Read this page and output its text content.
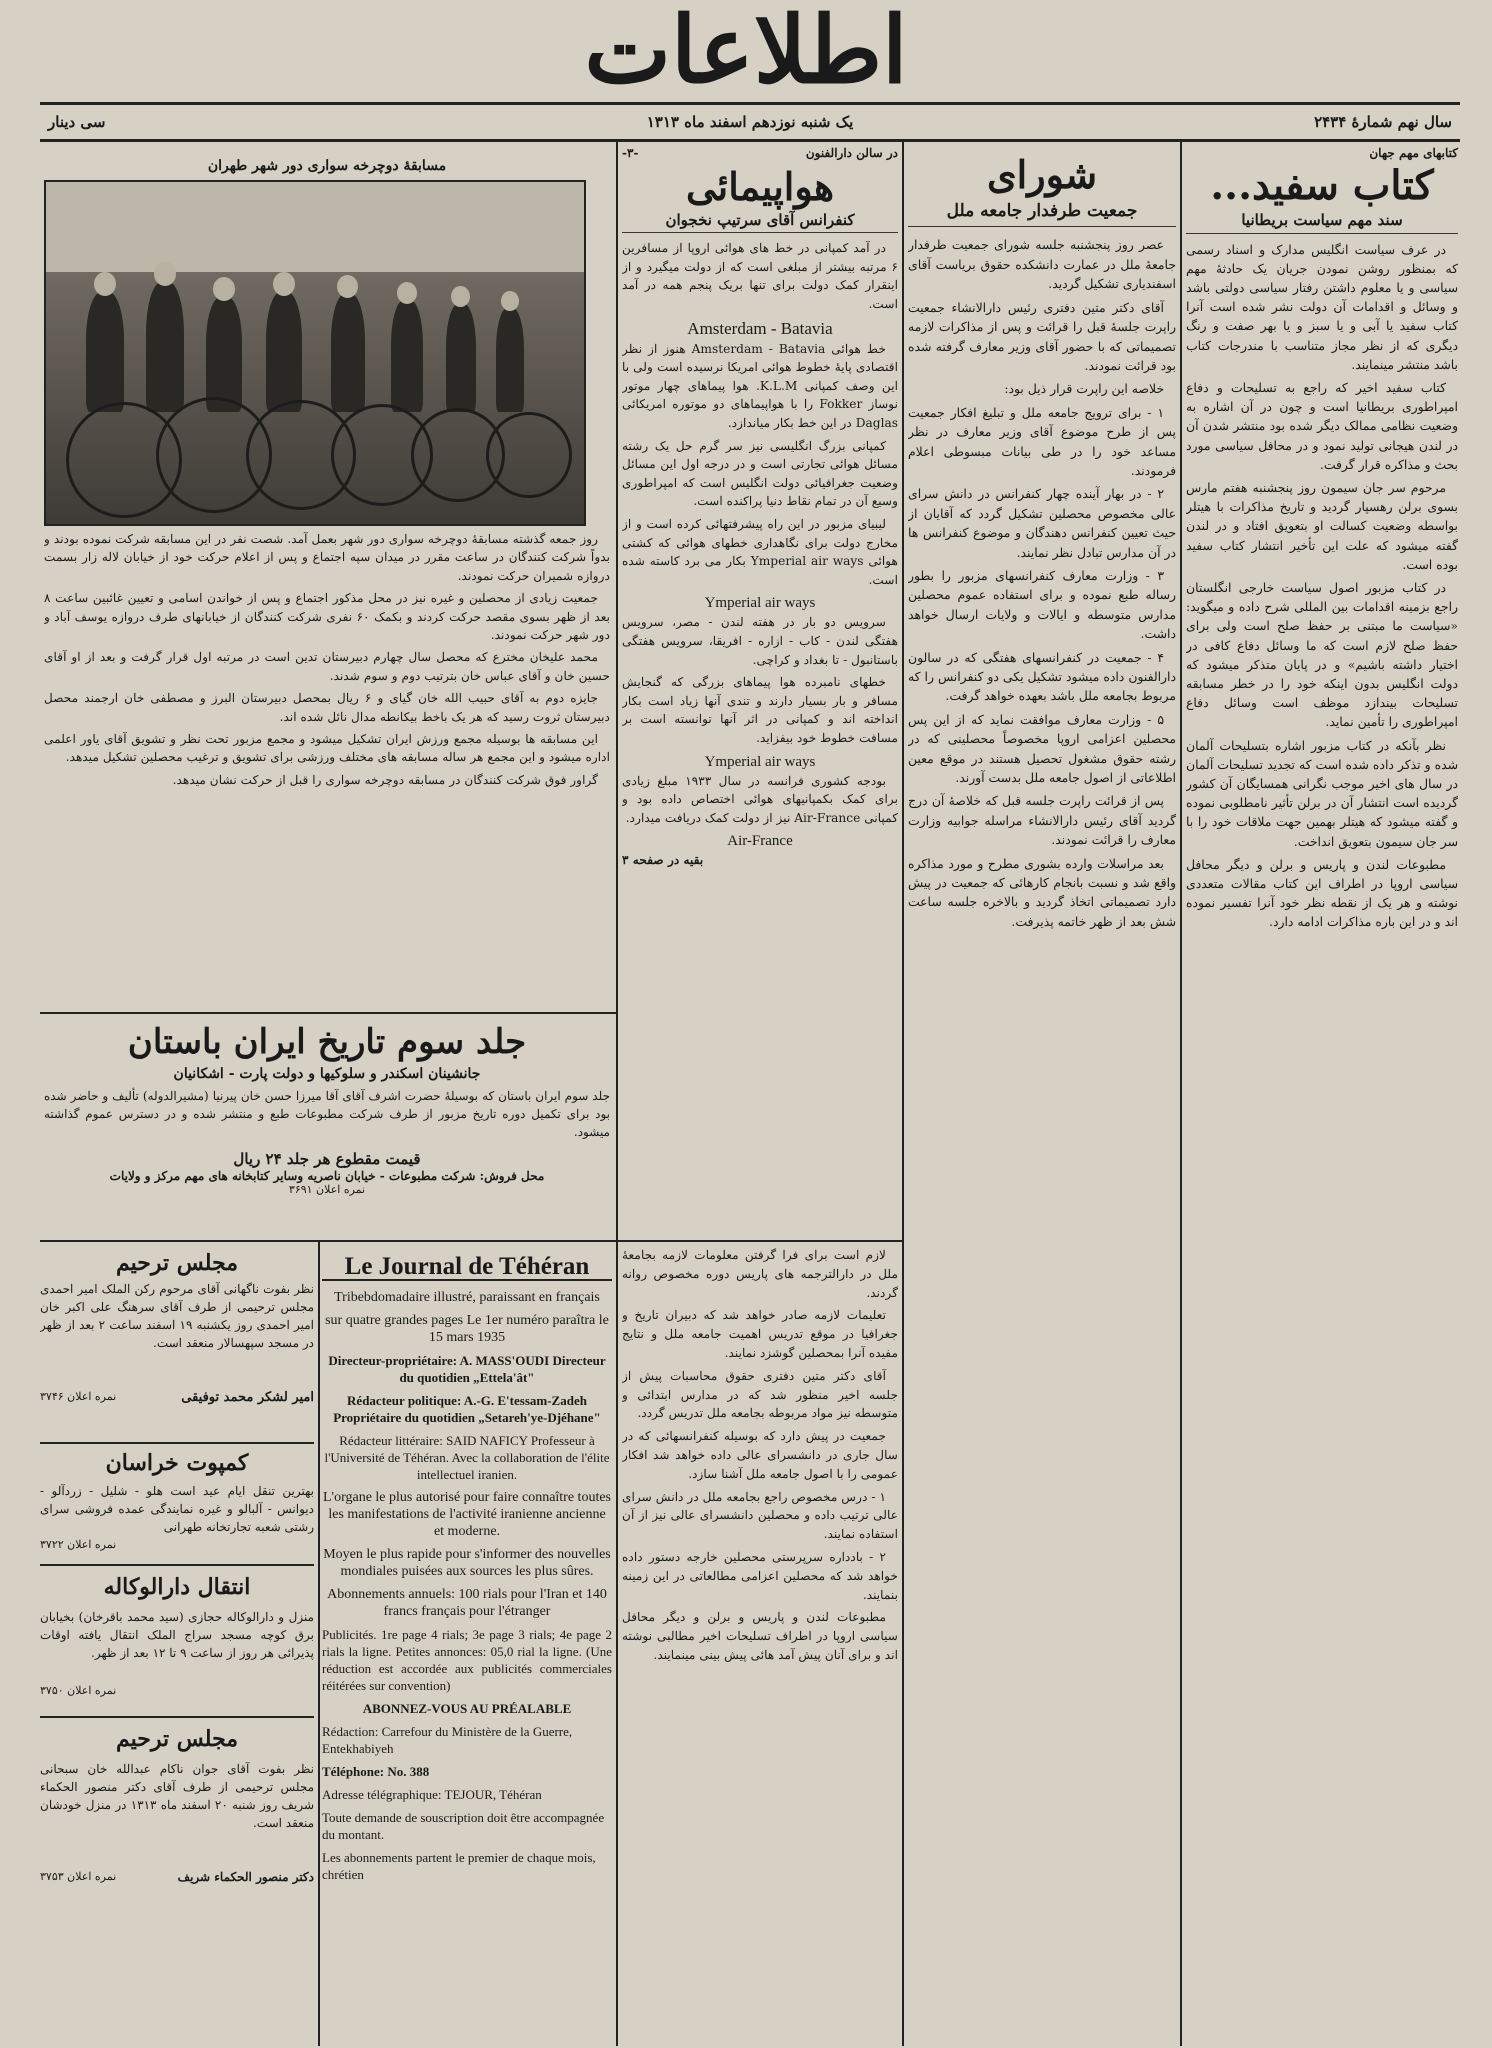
اطلاعات
سال نهم شمارهٔ ۲۴۳۴
یک شنبه نوزدهم اسفند ماه ۱۳۱۳
سی دینار
کتابهای مهم جهان
کتاب سفید...
سند مهم سیاست بریطانیا

در عرف سیاست انگلیس مدارک و اسناد رسمی که بمنظور روشن نمودن جریان یک حادثهٔ مهم سیاسی و یا معلوم داشتن رفتار سیاسی دولتی باشد و وسائل و اقدامات آن دولت نشر شده است آنرا کتاب سفید یا آبی و یا سبز و یا بهر صفت و رنگ دیگری که از نظر مجاز متناسب با مندرجات کتاب باشد منتشر مینمایند.

کتاب سفید اخیر که راجع به تسلیحات و دفاع امپراطوری بریطانیا است و چون در آن اشاره به وضعیت نظامی ممالک دیگر شده بود منتشر شدن آن در لندن هیجانی تولید نمود و در محافل سیاسی مورد بحث و مذاکره قرار گرفت.

مرحوم سر جان سیمون روز پنجشنبه هفتم مارس بسوی برلن رهسپار گردید و تاریخ مذاکرات با هیتلر بواسطه وضعیت کسالت او بتعویق افتاد و در لندن گفته میشود که علت این تأخیر انتشار کتاب سفید بوده است.

در کتاب مزبور اصول سیاست خارجی انگلستان راجع بزمینه اقدامات بین المللی شرح داده و میگوید: «سیاست ما مبتنی بر حفظ صلح است ولی برای حفظ صلح لازم است که ما وسائل دفاع کافی در اختیار داشته باشیم» و در پایان متذکر میشود که دولت انگلیس بدون اینکه خود را در خطر مسابقه تسلیحات بیندازد موظف است وسائل دفاع امپراطوری را تأمین نماید.

نظر بآنکه در کتاب مزبور اشاره بتسلیحات آلمان شده و تذکر داده شده است که تجدید تسلیحات آلمان در سال های اخیر موجب نگرانی همسایگان آن کشور گردیده است انتشار آن در برلن تأثیر نامطلوبی نموده و گفته میشود که هیتلر بهمین جهت ملاقات خود را با سر جان سیمون بتعویق انداخت.

مطبوعات لندن و پاریس و برلن و دیگر محافل سیاسی اروپا در اطراف این کتاب مقالات متعددی نوشته و هر یک از نقطه نظر خود آنرا تفسیر نموده اند و در این باره مذاکرات ادامه دارد.

شورای
جمعیت طرفدار جامعه ملل

عصر روز پنجشنبه جلسه شورای جمعیت طرفدار جامعهٔ ملل در عمارت دانشکده حقوق بریاست آقای اسفندیاری تشکیل گردید.

آقای دکتر متین دفتری رئیس دارالانشاء جمعیت راپرت جلسهٔ قبل را قرائت و پس از مذاکرات لازمه تصمیماتی که با حضور آقای وزیر معارف گرفته شده بود قرائت نمودند.

خلاصه این راپرت قرار ذیل بود:

۱ - برای ترویج جامعه ملل و تبلیغ افکار جمعیت پس از طرح موضوع آقای وزیر معارف در نظر مساعد خود را در طی بیانات مبسوطی اعلام فرمودند.

۲ - در بهار آینده چهار کنفرانس در دانش سرای عالی مخصوص محصلین تشکیل گردد که آقایان از حیث تعیین کنفرانس دهندگان و موضوع کنفرانس ها در آن مدارس تبادل نظر نمایند.

۳ - وزارت معارف کنفرانسهای مزبور را بطور رساله طبع نموده و برای استفاده عموم محصلین مدارس متوسطه و ایالات و ولایات ارسال خواهد داشت.

۴ - جمعیت در کنفرانسهای هفتگی که در سالون دارالفنون داده میشود تشکیل یکی دو کنفرانس را که مربوط بجامعه ملل باشد بعهده خواهد گرفت.

۵ - وزارت معارف موافقت نماید که از این پس محصلین اعزامی اروپا مخصوصاً محصلینی که در رشته حقوق مشغول تحصیل هستند در موقع معین اطلاعاتی از اصول جامعه ملل بدست آورند.

پس از قرائت راپرت جلسه قبل که خلاصهٔ آن درج گردید آقای رئیس دارالانشاء مراسله جوابیه وزارت معارف را قرائت نمودند.

بعد مراسلات وارده بشوری مطرح و مورد مذاکره واقع شد و نسبت بانجام کارهائی که جمعیت در پیش دارد تصمیماتی اتخاذ گردید و بالاخره جلسه ساعت شش بعد از ظهر خاتمه پذیرفت.

در سالن دارالفنون
-۳-
هواپیمائی
کنفرانس آقای سرتیپ نخجوان

در آمد کمپانی در خط های هوائی اروپا از مسافرین ۶ مرتبه بیشتر از مبلغی است که از دولت میگیرد و از اینقرار کمک دولت برای تنها بریک پنجم همه در آمد است.

Amsterdam - Batavia

خط هوائی Amsterdam - Batavia هنوز از نظر اقتصادی پایهٔ خطوط هوائی امریکا نرسیده است ولی با این وصف کمپانی K.L.M. هوا پیماهای چهار موتور نوساز Fokker را با هواپیماهای دو موتوره امریکائی Daglas در این خط بکار میاندازد.

کمپانی بزرگ انگلیسی نیز سر گرم حل یک رشته مسائل هوائی تجارتی است و در درجه اول این مسائل وضعیت جغرافیائی دولت انگلیس است که امپراطوری وسیع آن در تمام نقاط دنیا پراکنده است.

لیبیای مزبور در این راه پیشرفتهائی کرده است و از مخارج دولت برای نگاهداری خطهای هوائی که کشتی هوائی Ymperial air ways بکار می برد کاسته شده است.

Ymperial air ways

سرویس دو بار در هفته لندن - مصر، سرویس هفتگی لندن - کاب - ازاره - افریقا، سرویس هفتگی باستانبول - تا بغداد و کراچی.

خطهای نامبرده هوا پیماهای بزرگی که گنجایش مسافر و بار بسیار دارند و تندی آنها زیاد است بکار انداخته اند و کمپانی در اثر آنها توانسته است بر مسافت خطوط خود بیفزاید.

Ymperial air ways

بودجه کشوری فرانسه در سال ۱۹۳۳ مبلغ زیادی برای کمک بکمپانیهای هوائی اختصاص داده بود و کمپانی Air-France نیز از دولت کمک دریافت میدارد.

Air-France
بقیه در صفحه ۳
مسابقهٔ دوچرخه سواری دور شهر طهران

روز جمعه گذشته مسابقهٔ دوچرخه سواری دور شهر بعمل آمد. شصت نفر در این مسابقه شرکت نموده بودند و بدواً شرکت کنندگان در ساعت مقرر در میدان سپه اجتماع و پس از اعلام حرکت خود از خیابان لاله زار بسمت دروازه شمیران حرکت نمودند.

جمعیت زیادی از محصلین و غیره نیز در محل مذکور اجتماع و پس از خواندن اسامی و تعیین غائبین ساعت ۸ بعد از ظهر بسوی مقصد حرکت کردند و بکمک ۶۰ نفری شرکت کنندگان از خیابانهای طرف دروازه یوسف آباد و دور شهر حرکت نمودند.

محمد علیخان مخترع که محصل سال چهارم دبیرستان تدین است در مرتبه اول قرار گرفت و بعد از او آقای حسین خان و آقای عباس خان بترتیب دوم و سوم شدند.

جایزه دوم به آقای حبیب الله خان گیای و ۶ ریال بمحصل دبیرستان البرز و مصطفی خان ارجمند محصل دبیرستان ثروت رسید که هر یک باخط بیکانطه مدال نائل شده اند.

این مسابقه ها بوسیله مجمع ورزش ایران تشکیل میشود و مجمع مزبور تحت نظر و تشویق آقای یاور اعلمی اداره میشود و این مجمع هر ساله مسابقه های مختلف ورزشی برای تشویق و ترغیب محصلین تشکیل میدهد.

گراور فوق شرکت کنندگان در مسابقه دوچرخه سواری را قبل از حرکت نشان میدهد.

جلد سوم تاریخ ایران باستان
جانشینان اسکندر و سلوکیها و دولت پارت - اشکانیان
جلد سوم ایران باستان که بوسیلهٔ حضرت اشرف آقای آقا میرزا حسن خان پیرنیا (مشیرالدوله) تألیف و حاضر شده بود برای تکمیل دوره تاریخ مزبور از طرف شرکت مطبوعات طبع و منتشر شده و در دسترس عموم گذاشته میشود.
قیمت مقطوع هر جلد ۲۴ ریال
محل فروش: شرکت مطبوعات - خیابان ناصریه وسایر کتابخانه های مهم مرکز و ولایات
نمره اعلان ۳۶۹۱

لازم است برای فرا گرفتن معلومات لازمه بجامعهٔ ملل در دارالترجمه های پاریس دوره مخصوص روانه گردند.

تعلیمات لازمه صادر خواهد شد که دبیران تاریخ و جغرافیا در موقع تدریس اهمیت جامعه ملل و نتایج مفیده آنرا بمحصلین گوشزد نمایند.

آقای دکتر متین دفتری حقوق محاسبات پیش از جلسه اخیر منظور شد که در مدارس ابتدائی و متوسطه نیز مواد مربوطه بجامعه ملل تدریس گردد.

جمعیت در پیش دارد که بوسیله کنفرانسهائی که در سال جاری در دانشسرای عالی داده خواهد شد افکار عمومی را با اصول جامعه ملل آشنا سازد.

۱ - درس مخصوص راجع بجامعه ملل در دانش سرای عالی ترتیب داده و محصلین دانشسرای عالی نیز از آن استفاده نمایند.

۲ - بادداره سرپرستی محصلین خارجه دستور داده خواهد شد که محصلین اعزامی مطالعاتی در این زمینه بنمایند.

مطبوعات لندن و پاریس و برلن و دیگر محافل سیاسی اروپا در اطراف تسلیحات اخیر مطالبی نوشته اند و برای آنان پیش آمد هائی پیش بینی مینمایند.

Le Journal de Téhéran

Tribebdomadaire illustré, paraissant en français

sur quatre grandes pages Le 1er numéro paraîtra le 15 mars 1935

Directeur-propriétaire: A. MASS'OUDI Directeur du quotidien „Ettela'ât"

Rédacteur politique: A.-G. E'tessam-Zadeh Propriétaire du quotidien „Setareh'ye-Djéhane"

Rédacteur littéraire: SAID NAFICY Professeur à l'Université de Téhéran. Avec la collaboration de l'élite intellectuel iranien.

L'organe le plus autorisé pour faire connaître toutes les manifestations de l'activité iranienne ancienne et moderne.

Moyen le plus rapide pour s'informer des nouvelles mondiales puisées aux sources les plus sûres.

Abonnements annuels: 100 rials pour l'Iran et 140 francs français pour l'étranger

Publicités. 1re page 4 rials; 3e page 3 rials; 4e page 2 rials la ligne. Petites annonces: 05,0 rial la ligne. (Une réduction est accordée aux publicités commerciales réitérées sur convention)

ABONNEZ-VOUS AU PRÉALABLE

Rédaction: Carrefour du Ministère de la Guerre, Entekhabiyeh

Téléphone: No. 388

Adresse télégraphique: TEJOUR, Téhéran

Toute demande de souscription doit être accompagnée du montant.

Les abonnements partent le premier de chaque mois, chrétien

مجلس ترحیم
نظر بفوت ناگهانی آقای مرحوم رکن الملک امیر احمدی مجلس ترحیمی از طرف آقای سرهنگ علی اکبر خان امیر احمدی روز یکشنبه ۱۹ اسفند ساعت ۲ بعد از ظهر در مسجد سپهسالار منعقد است.
نمره اعلان ۳۷۴۶	امیر لشکر محمد توفیقی
کمپوت خراسان
بهترین تنقل ایام عید است هلو - شلیل - زردآلو - دیوانس - آلبالو و غیره نمایندگی عمده فروشی سرای رشتی شعبه تجارتخانه طهرانی
نمره اعلان ۳۷۲۲
انتقال دارالوکاله
منزل و دارالوکاله حجازی (سید محمد باقرخان) بخیابان برق کوچه مسجد سراج الملک انتقال یافته اوقات پذیرائی هر روز از ساعت ۹ تا ۱۲ بعد از ظهر.
نمره اعلان ۳۷۵۰
مجلس ترحیم
نظر بفوت آقای جوان ناکام عبدالله خان سبحانی مجلس ترحیمی از طرف آقای دکتر منصور الحکماء شریف روز شنبه ۲۰ اسفند ماه ۱۳۱۳ در منزل خودشان منعقد است.
نمره اعلان ۳۷۵۳	دکتر منصور الحکماء شریف
